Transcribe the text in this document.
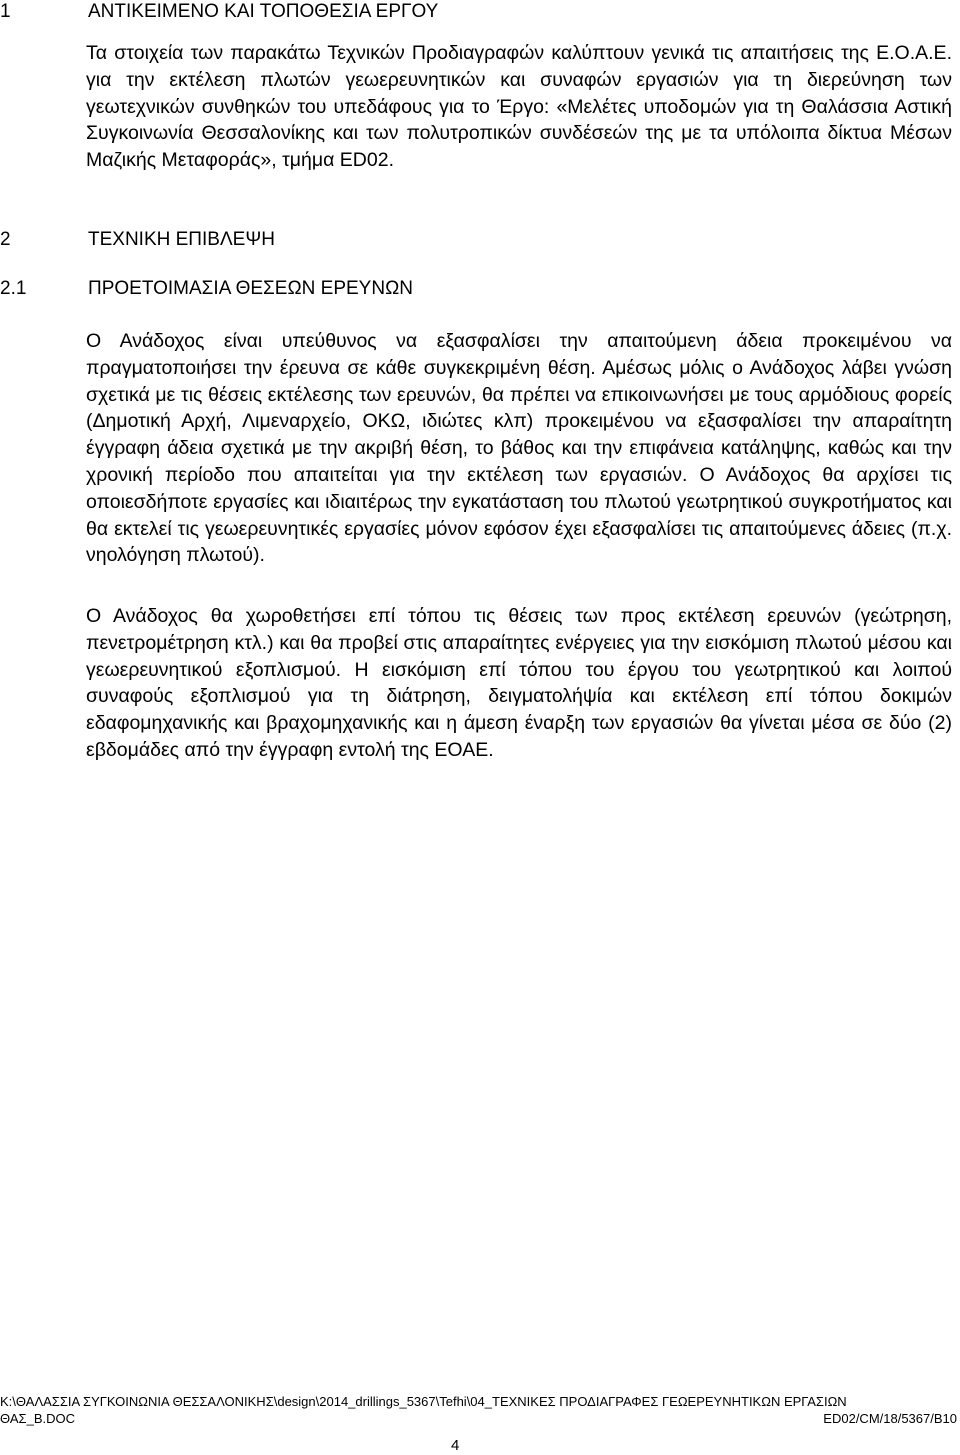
1	ΑΝΤΙΚΕΙΜΕΝΟ ΚΑΙ ΤΟΠΟΘΕΣΙΑ ΕΡΓΟΥ

Τα στοιχεία των παρακάτω Τεχνικών Προδιαγραφών καλύπτουν γενικά τις απαιτήσεις της Ε.Ο.Α.Ε. για την εκτέλεση πλωτών γεωερευνητικών και συναφών εργασιών για τη διερεύνηση των γεωτεχνικών συνθηκών του υπεδάφους για το Έργο: «Μελέτες υποδομών για τη Θαλάσσια Αστική Συγκοινωνία Θεσσαλονίκης και των πολυτροπικών συνδέσεών της με τα υπόλοιπα δίκτυα Μέσων Μαζικής Μεταφοράς», τμήμα ED02.

2	ΤΕΧΝΙΚΗ ΕΠΙΒΛΕΨΗ
2.1	ΠΡΟΕΤΟΙΜΑΣΙΑ ΘΕΣΕΩΝ ΕΡΕΥΝΩΝ

Ο Ανάδοχος είναι υπεύθυνος να εξασφαλίσει την απαιτούμενη άδεια προκειμένου να πραγματοποιήσει την έρευνα σε κάθε συγκεκριμένη θέση. Αμέσως μόλις ο Ανάδοχος λάβει γνώση σχετικά με τις θέσεις εκτέλεσης των ερευνών, θα πρέπει να επικοινωνήσει με τους αρμόδιους φορείς (Δημοτική Αρχή, Λιμεναρχείο, ΟΚΩ, ιδιώτες κλπ) προκειμένου να εξασφαλίσει την απαραίτητη έγγραφη άδεια σχετικά με την ακριβή θέση, το βάθος και την επιφάνεια κατάληψης, καθώς και την χρονική περίοδο που απαιτείται για την εκτέλεση των εργασιών. Ο Ανάδοχος θα αρχίσει τις οποιεσδήποτε εργασίες και ιδιαιτέρως την εγκατάσταση του πλωτού γεωτρητικού συγκροτήματος και θα εκτελεί τις γεωερευνητικές εργασίες μόνον εφόσον έχει εξασφαλίσει τις απαιτούμενες άδειες (π.χ. νηολόγηση πλωτού).

Ο Ανάδοχος θα χωροθετήσει επί τόπου τις θέσεις των προς εκτέλεση ερευνών (γεώτρηση, πενετρομέτρηση κτλ.) και θα προβεί στις απαραίτητες ενέργειες για την εισκόμιση πλωτού μέσου και γεωερευνητικού εξοπλισμού. Η εισκόμιση επί τόπου του έργου του γεωτρητικού και λοιπού συναφούς εξοπλισμού για τη διάτρηση, δειγματολήψία και εκτέλεση επί τόπου δοκιμών εδαφομηχανικής και βραχομηχανικής και η άμεση έναρξη των εργασιών θα γίνεται μέσα σε δύο (2) εβδομάδες από την έγγραφη εντολή της ΕΟΑΕ.

K:\ΘΑΛΑΣΣΙΑ ΣΥΓΚΟΙΝΩΝΙΑ ΘΕΣΣΑΛΟΝΙΚΗΣ\design\2014_drillings_5367\Tefhi\04_ΤΕΧΝΙΚΕΣ ΠΡΟΔΙΑΓΡΑΦΕΣ ΓΕΩΕΡΕΥΝΗΤΙΚΩΝ ΕΡΓΑΣΙΩΝ
ΘΑΣ_Β.DOC	ED02/CM/18/5367/B10
4
